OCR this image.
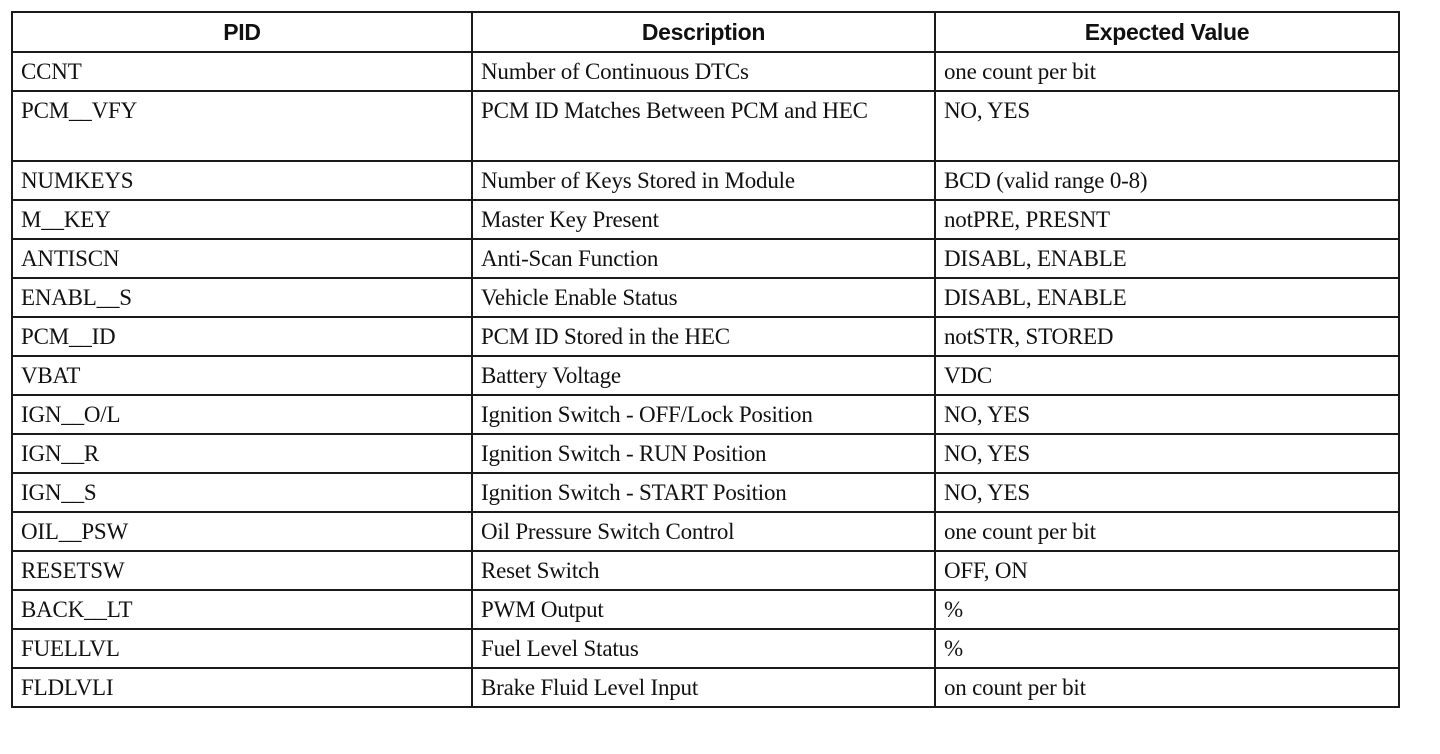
PID	Description	Expected Value
CCNT	Number of Continuous DTCs	one count per bit
PCM__VFY	PCM ID Matches Between PCM and HEC	NO, YES
NUMKEYS	Number of Keys Stored in Module	BCD (valid range 0-8)
M__KEY	Master Key Present	notPRE, PRESNT
ANTISCN	Anti-Scan Function	DISABL, ENABLE
ENABL__S	Vehicle Enable Status	DISABL, ENABLE
PCM__ID	PCM ID Stored in the HEC	notSTR, STORED
VBAT	Battery Voltage	VDC
IGN__O/L	Ignition Switch - OFF/Lock Position	NO, YES
IGN__R	Ignition Switch - RUN Position	NO, YES
IGN__S	Ignition Switch - START Position	NO, YES
OIL__PSW	Oil Pressure Switch Control	one count per bit
RESETSW	Reset Switch	OFF, ON
BACK__LT	PWM Output	%
FUELLVL	Fuel Level Status	%
FLDLVLI	Brake Fluid Level Input	on count per bit
